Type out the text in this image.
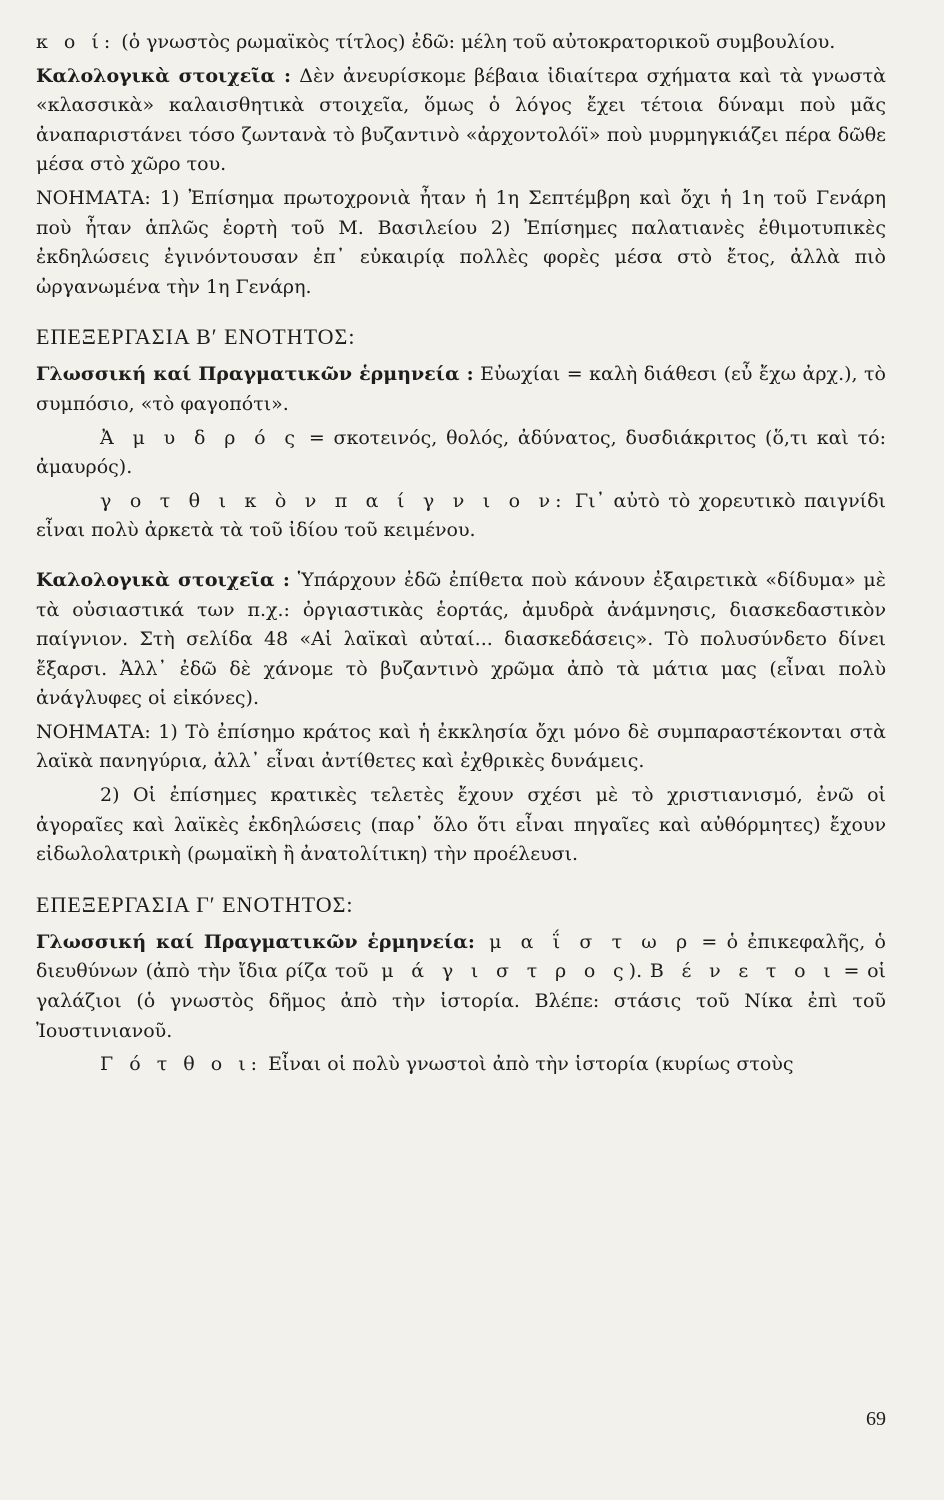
κ ο ί: (ὁ γνωστὸς ρωμαϊκὸς τίτλος) ἐδῶ: μέλη τοῦ αὐτοκρατορικοῦ συμβουλίου.

Καλολογικὰ στοιχεῖα : Δὲν ἀνευρίσκομε βέβαια ἰδιαίτερα σχήματα καὶ τὰ γνωστὰ «κλασσικὰ» καλαισθητικὰ στοιχεῖα, ὅμως ὁ λόγος ἔχει τέτοια δύναμι ποὺ μᾶς ἀναπαριστάνει τόσο ζωντανὰ τὸ βυζαντινὸ «ἀρχοντολόϊ» ποὺ μυρμηγκιάζει πέρα δῶθε μέσα στὸ χῶρο του.

ΝΟΗΜΑΤΑ: 1) Ἐπίσημα πρωτοχρονιὰ ἦταν ἡ 1η Σεπτέμβρη καὶ ὄχι ἡ 1η τοῦ Γενάρη ποὺ ἦταν ἁπλῶς ἑορτὴ τοῦ Μ. Βασιλείου 2) Ἐπίσημες παλατιανὲς ἐθιμοτυπικὲς ἐκδηλώσεις ἐγινόντουσαν ἐπ᾽ εὐκαιρίᾳ πολλὲς φορὲς μέσα στὸ ἔτος, ἀλλὰ πιὸ ὠργανωμένα τὴν 1η Γενάρη.

ΕΠΕΞΕΡΓΑΣΙΑ Β′ ΕΝΟΤΗΤΟΣ:

Γλωσσική καί Πραγματικῶν ἑρμηνεία : Εὐωχίαι = καλὴ διάθεσι (εὖ ἔχω ἀρχ.), τὸ συμπόσιο, «τὸ φαγοπότι».

Ἀ μ υ δ ρ ό ς = σκοτεινός, θολός, ἀδύνατος, δυσδιάκριτος (ὅ,τι καὶ τό: ἀμαυρός).

γ ο τ θ ι κ ὸ ν π α ί γ ν ι ο ν: Γι᾽ αὐτὸ τὸ χορευτικὸ παιγνίδι εἶναι πολὺ ἀρκετὰ τὰ τοῦ ἰδίου τοῦ κειμένου.

Καλολογικὰ στοιχεῖα : Ὑπάρχουν ἐδῶ ἐπίθετα ποὺ κάνουν ἐξαιρετικὰ «δίδυμα» μὲ τὰ οὐσιαστικά των π.χ.: ὀργιαστικὰς ἑορτάς, ἀμυδρὰ ἀνάμνησις, διασκεδαστικὸν παίγνιον. Στὴ σελίδα 48 «Αἱ λαϊκαὶ αὐταί... διασκεδάσεις». Τὸ πολυσύνδετο δίνει ἔξαρσι. Ἀλλ᾽ ἐδῶ δὲ χάνομε τὸ βυζαντινὸ χρῶμα ἀπὸ τὰ μάτια μας (εἶναι πολὺ ἀνάγλυφες οἱ εἰκόνες).

ΝΟΗΜΑΤΑ: 1) Τὸ ἐπίσημο κράτος καὶ ἡ ἐκκλησία ὄχι μόνο δὲ συμπαραστέκονται στὰ λαϊκὰ πανηγύρια, ἀλλ᾽ εἶναι ἀντίθετες καὶ ἐχθρικὲς δυνάμεις.

2) Οἱ ἐπίσημες κρατικὲς τελετὲς ἔχουν σχέσι μὲ τὸ χριστιανισμό, ἐνῶ οἱ ἀγοραῖες καὶ λαϊκὲς ἐκδηλώσεις (παρ᾽ ὅλο ὅτι εἶναι πηγαῖες καὶ αὐθόρμητες) ἔχουν εἰδωλολατρικὴ (ρωμαϊκὴ ἢ ἀνατολίτικη) τὴν προέλευσι.

ΕΠΕΞΕΡΓΑΣΙΑ Γ′ ΕΝΟΤΗΤΟΣ:

Γλωσσική καί Πραγματικῶν ἑρμηνεία: μ α ΐ σ τ ω ρ = ὁ ἐπικεφαλῆς, ὁ διευθύνων (ἀπὸ τὴν ἴδια ρίζα τοῦ μ ά γ ι σ τ ρ ο ς). Β έ ν ε τ ο ι = οἱ γαλάζιοι (ὁ γνωστὸς δῆμος ἀπὸ τὴν ἱστορία. Βλέπε: στάσις τοῦ Νίκα ἐπὶ τοῦ Ἰουστινιανοῦ.

Γ ό τ θ ο ι: Εἶναι οἱ πολὺ γνωστοὶ ἀπὸ τὴν ἱστορία (κυρίως στοὺς

69
